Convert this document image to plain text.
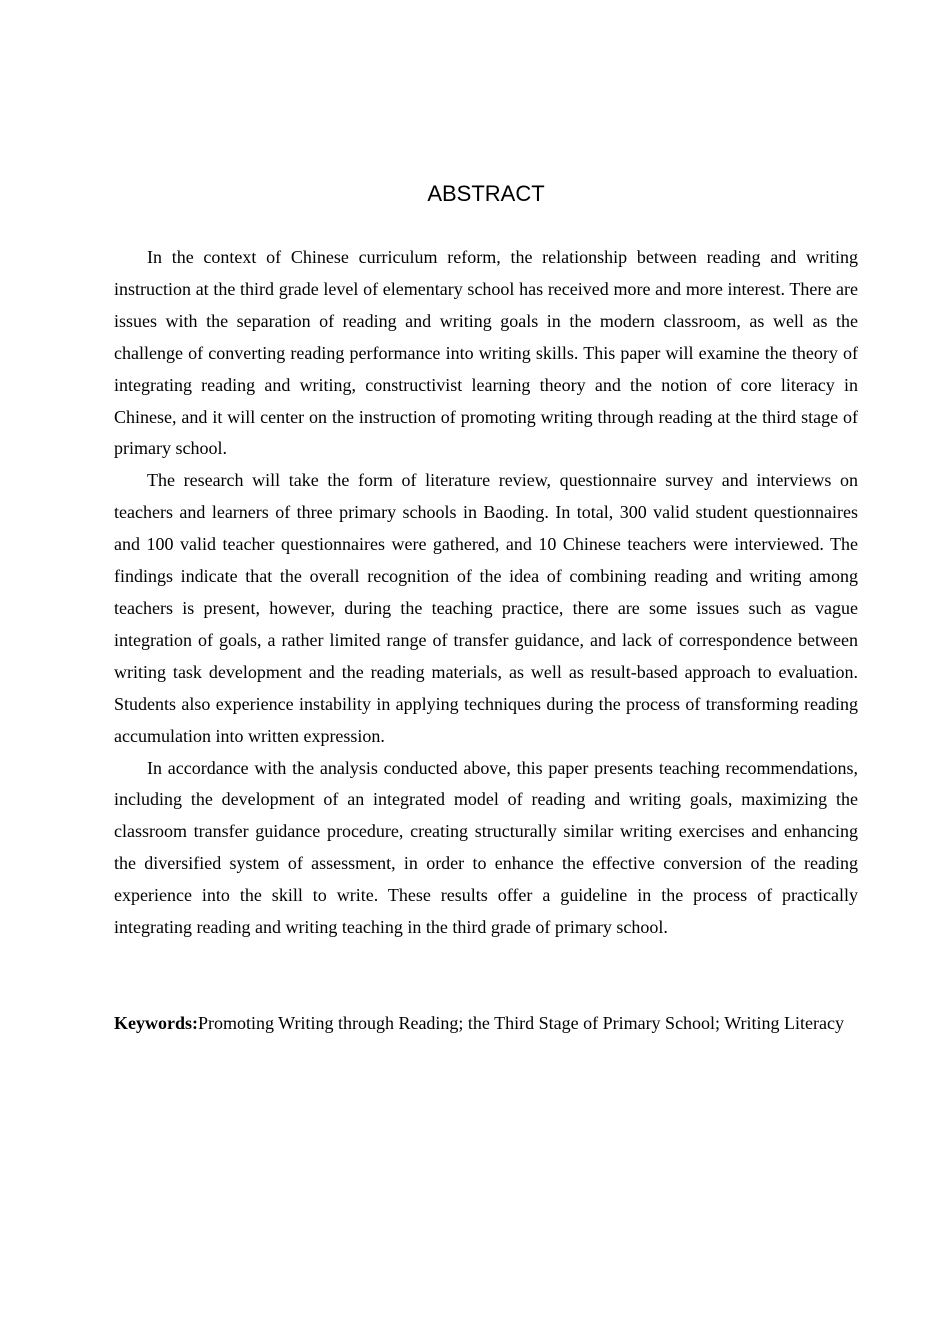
ABSTRACT

In the context of Chinese curriculum reform, the relationship between reading and writing instruction at the third grade level of elementary school has received more and more interest. There are issues with the separation of reading and writing goals in the modern classroom, as well as the challenge of converting reading performance into writing skills. This paper will examine the theory of integrating reading and writing, constructivist learning theory and the notion of core literacy in Chinese, and it will center on the instruction of promoting writing through reading at the third stage of primary school.

The research will take the form of literature review, questionnaire survey and interviews on teachers and learners of three primary schools in Baoding. In total, 300 valid student questionnaires and 100 valid teacher questionnaires were gathered, and 10 Chinese teachers were interviewed. The findings indicate that the overall recognition of the idea of combining reading and writing among teachers is present, however, during the teaching practice, there are some issues such as vague integration of goals, a rather limited range of transfer guidance, and lack of correspondence between writing task development and the reading materials, as well as result-based approach to evaluation. Students also experience instability in applying techniques during the process of transforming reading accumulation into written expression.

In accordance with the analysis conducted above, this paper presents teaching recommendations, including the development of an integrated model of reading and writing goals, maximizing the classroom transfer guidance procedure, creating structurally similar writing exercises and enhancing the diversified system of assessment, in order to enhance the effective conversion of the reading experience into the skill to write. These results offer a guideline in the process of practically integrating reading and writing teaching in the third grade of primary school.

Keywords:Promoting Writing through Reading; the Third Stage of Primary School; Writing Literacy
